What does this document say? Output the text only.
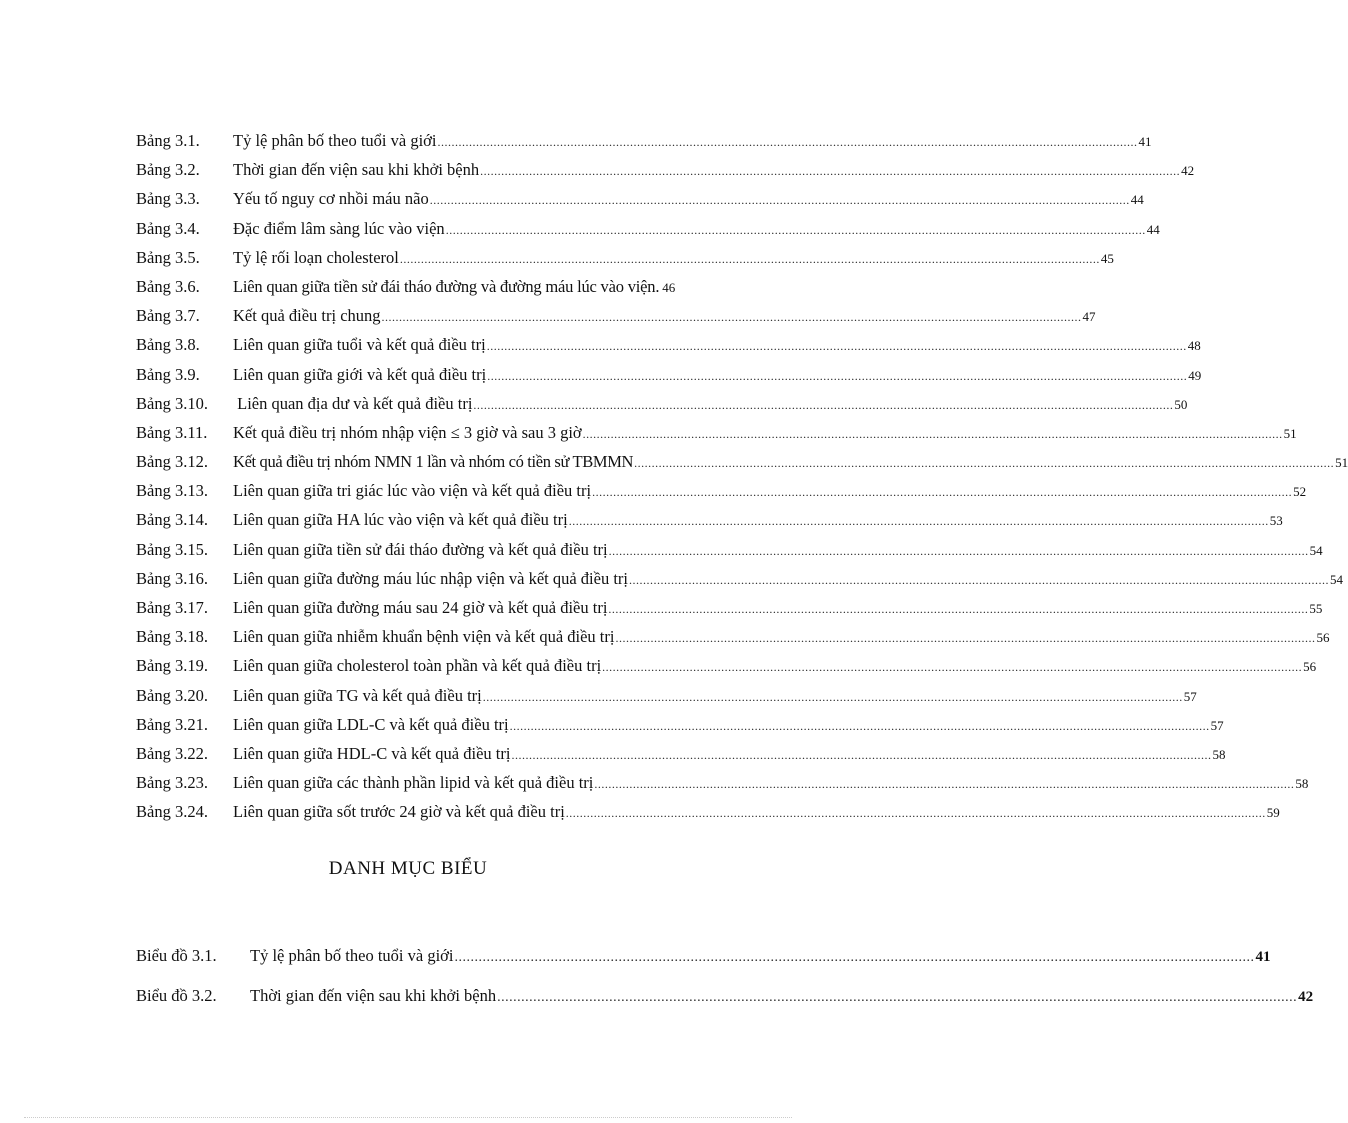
Bảng 3.1.	Tỷ lệ phân bố theo tuổi và giới .....	41
Bảng 3.2.	Thời gian đến viện sau khi khởi bệnh .....	42
Bảng 3.3.	Yếu tố nguy cơ nhồi máu não .....	44
Bảng 3.4.	Đặc điểm lâm sàng lúc vào viện .....	44
Bảng 3.5.	Tỷ lệ rối loạn cholesterol .....	45
Bảng 3.6.	Liên quan giữa tiền sử đái tháo đường và đường máu lúc vào viện. 46
Bảng 3.7.	Kết quả điều trị chung .....	47
Bảng 3.8.	Liên quan giữa tuổi và kết quả điều trị .....	48
Bảng 3.9.	Liên quan giữa giới và kết quả điều trị .....	49
Bảng 3.10.	Liên quan địa dư và kết quả điều trị .....	50
Bảng 3.11.	Kết quả điều trị nhóm nhập viện ≤ 3 giờ và sau 3 giờ .....	51
Bảng 3.12.	Kết quả điều trị nhóm NMN 1 lần và nhóm có tiền sử TBMMN .....	51
Bảng 3.13.	Liên quan giữa tri giác lúc vào viện và kết quả điều trị .....	52
Bảng 3.14.	Liên quan giữa HA lúc vào viện và kết quả điều trị .....	53
Bảng 3.15.	Liên quan giữa tiền sử đái tháo đường và kết quả điều trị .....	54
Bảng 3.16.	Liên quan giữa đường máu lúc nhập viện và kết quả điều trị .....	54
Bảng 3.17.	Liên quan giữa đường máu sau 24 giờ và kết quả điều trị .....	55
Bảng 3.18.	Liên quan giữa nhiễm khuẩn bệnh viện và kết quả điều trị .....	56
Bảng 3.19.	Liên quan giữa cholesterol toàn phần và kết quả điều trị .....	56
Bảng 3.20.	Liên quan giữa TG và kết quả điều trị .....	57
Bảng 3.21.	Liên quan giữa LDL-C và kết quả điều trị .....	57
Bảng 3.22.	Liên quan giữa HDL-C và kết quả điều trị .....	58
Bảng 3.23.	Liên quan giữa các thành phần lipid và kết quả điều trị .....	58
Bảng 3.24.	Liên quan giữa sốt trước 24 giờ và kết quả điều trị .....	59
DANH MỤC BIỂU
Biểu đồ 3.1.	Tỷ lệ phân bố theo tuổi và giới .....	41
Biểu đồ 3.2.	Thời gian đến viện sau khi khởi bệnh .....	42
